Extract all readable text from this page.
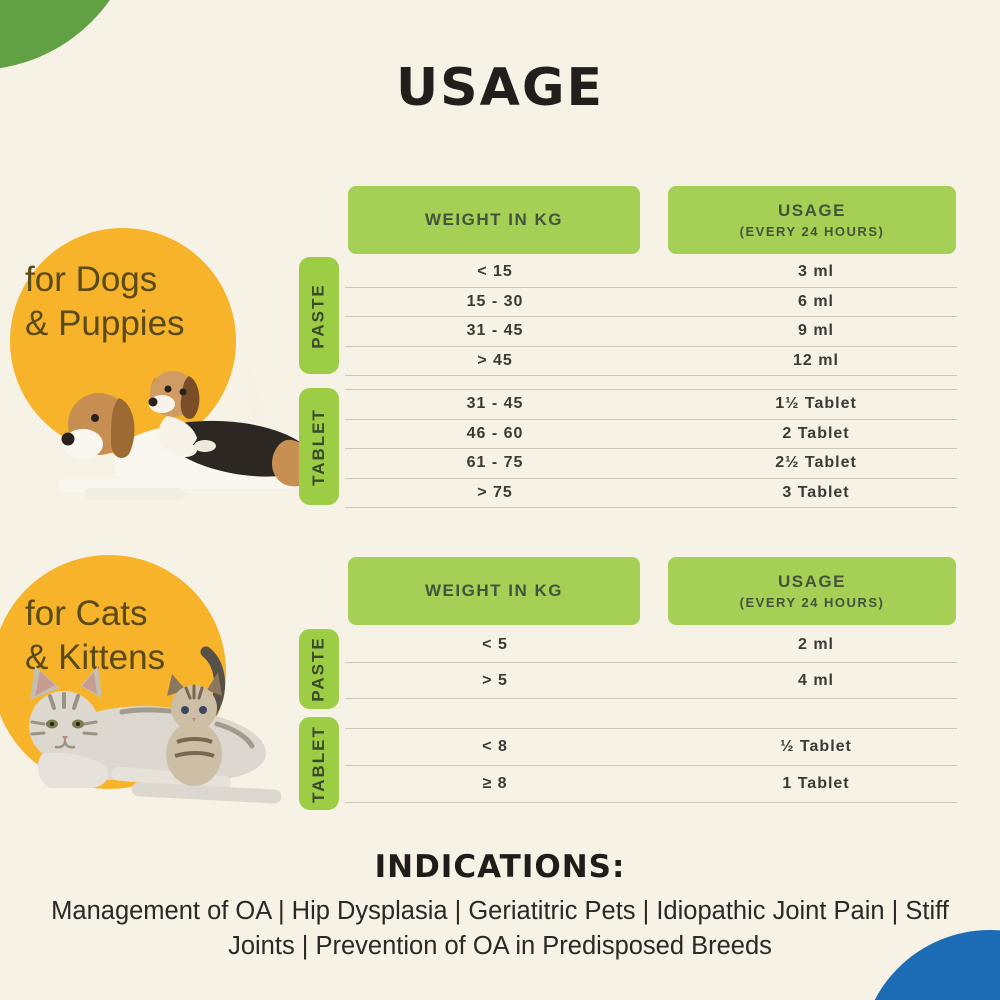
USAGE
for Dogs
& Puppies
WEIGHT IN KG	USAGE
(EVERY 24 HOURS)
PASTE
< 15	3 ml
15 - 30	6 ml
31 - 45	9 ml
> 45	12 ml
TABLET
31 - 45	1½ Tablet
46 - 60	2 Tablet
61 - 75	2½ Tablet
> 75	3 Tablet
for Cats
& Kittens
WEIGHT IN KG	USAGE
(EVERY 24 HOURS)
PASTE	< 5	2 ml
> 5	4 ml
TABLET	< 8	½ Tablet
≥ 8	1 Tablet
INDICATIONS:
Management of OA | Hip Dysplasia | Geriatitric Pets | Idiopathic Joint Pain | Stiff Joints | Prevention of OA in Predisposed Breeds
